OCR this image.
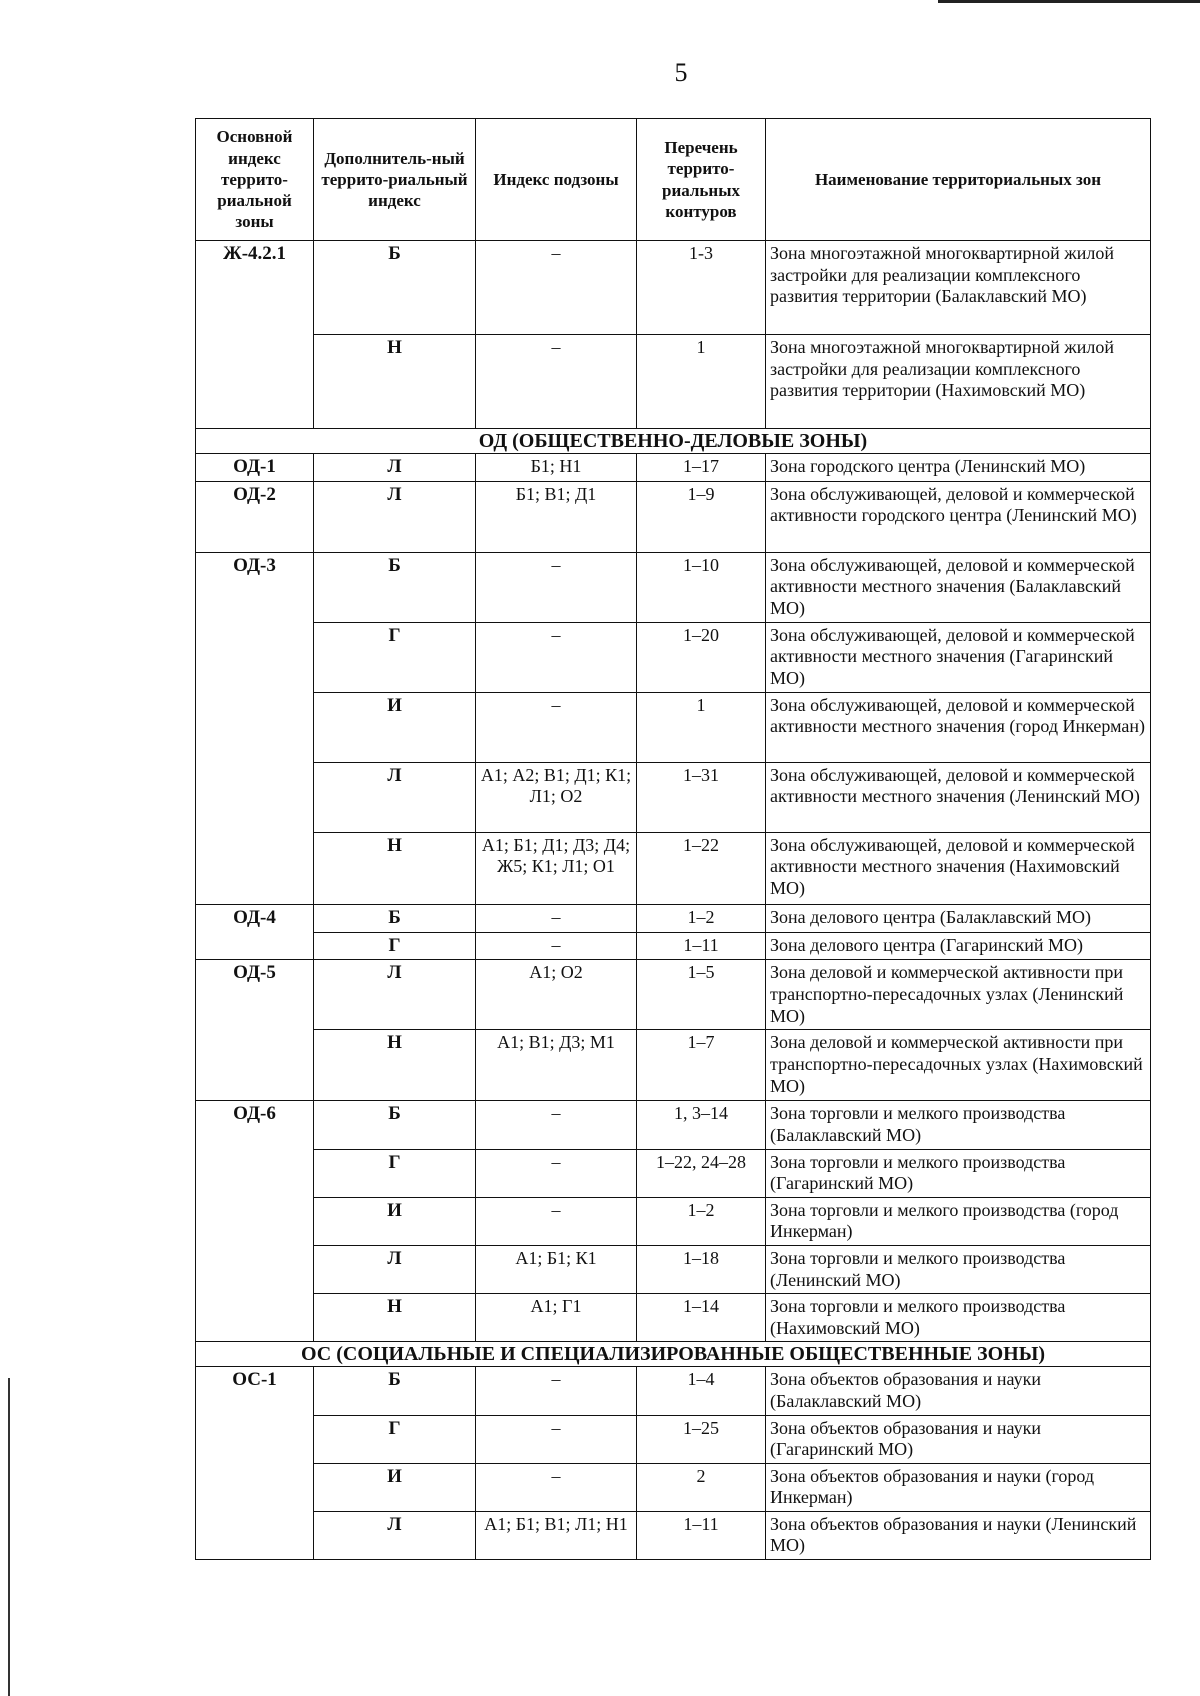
5
Основной индекс террито-риальной зоны	Дополнитель-ный террито-риальный индекс	Индекс подзоны	Перечень террито-риальных контуров	Наименование территориальных зон
Ж-4.2.1	Б	–	1-3	Зона многоэтажной многоквартирной жилой застройки для реализации комплексного развития территории (Балаклавский МО)
	Н	–	1	Зона многоэтажной многоквартирной жилой застройки для реализации комплексного развития территории (Нахимовский МО)
ОД (ОБЩЕСТВЕННО-ДЕЛОВЫЕ ЗОНЫ)				
ОД-1	Л	Б1; Н1	1–17	Зона городского центра (Ленинский МО)
ОД-2	Л	Б1; В1; Д1	1–9	Зона обслуживающей, деловой и коммерческой активности городского центра (Ленинский МО)
ОД-3	Б	–	1–10	Зона обслуживающей, деловой и коммерческой активности местного значения (Балаклавский МО)
	Г	–	1–20	Зона обслуживающей, деловой и коммерческой активности местного значения (Гагаринский МО)
	И	–	1	Зона обслуживающей, деловой и коммерческой активности местного значения (город Инкерман)
	Л	А1; А2; В1; Д1; К1; Л1; О2	1–31	Зона обслуживающей, деловой и коммерческой активности местного значения (Ленинский МО)
	Н	А1; Б1; Д1; Д3; Д4; Ж5; К1; Л1; О1	1–22	Зона обслуживающей, деловой и коммерческой активности местного значения (Нахимовский МО)
ОД-4	Б	–	1–2	Зона делового центра (Балаклавский МО)
	Г	–	1–11	Зона делового центра (Гагаринский МО)
ОД-5	Л	А1; О2	1–5	Зона деловой и коммерческой активности при транспортно-пересадочных узлах (Ленинский МО)
	Н	А1; В1; Д3; М1	1–7	Зона деловой и коммерческой активности при транспортно-пересадочных узлах (Нахимовский МО)
ОД-6	Б	–	1, 3–14	Зона торговли и мелкого производства (Балаклавский МО)
	Г	–	1–22, 24–28	Зона торговли и мелкого производства (Гагаринский МО)
	И	–	1–2	Зона торговли и мелкого производства (город Инкерман)
	Л	А1; Б1; К1	1–18	Зона торговли и мелкого производства (Ленинский МО)
	Н	А1; Г1	1–14	Зона торговли и мелкого производства (Нахимовский МО)
ОС (СОЦИАЛЬНЫЕ И СПЕЦИАЛИЗИРОВАННЫЕ ОБЩЕСТВЕННЫЕ ЗОНЫ)				
ОС-1	Б	–	1–4	Зона объектов образования и науки (Балаклавский МО)
	Г	–	1–25	Зона объектов образования и науки (Гагаринский МО)
	И	–	2	Зона объектов образования и науки (город Инкерман)
	Л	А1; Б1; В1; Л1; Н1	1–11	Зона объектов образования и науки (Ленинский МО)
